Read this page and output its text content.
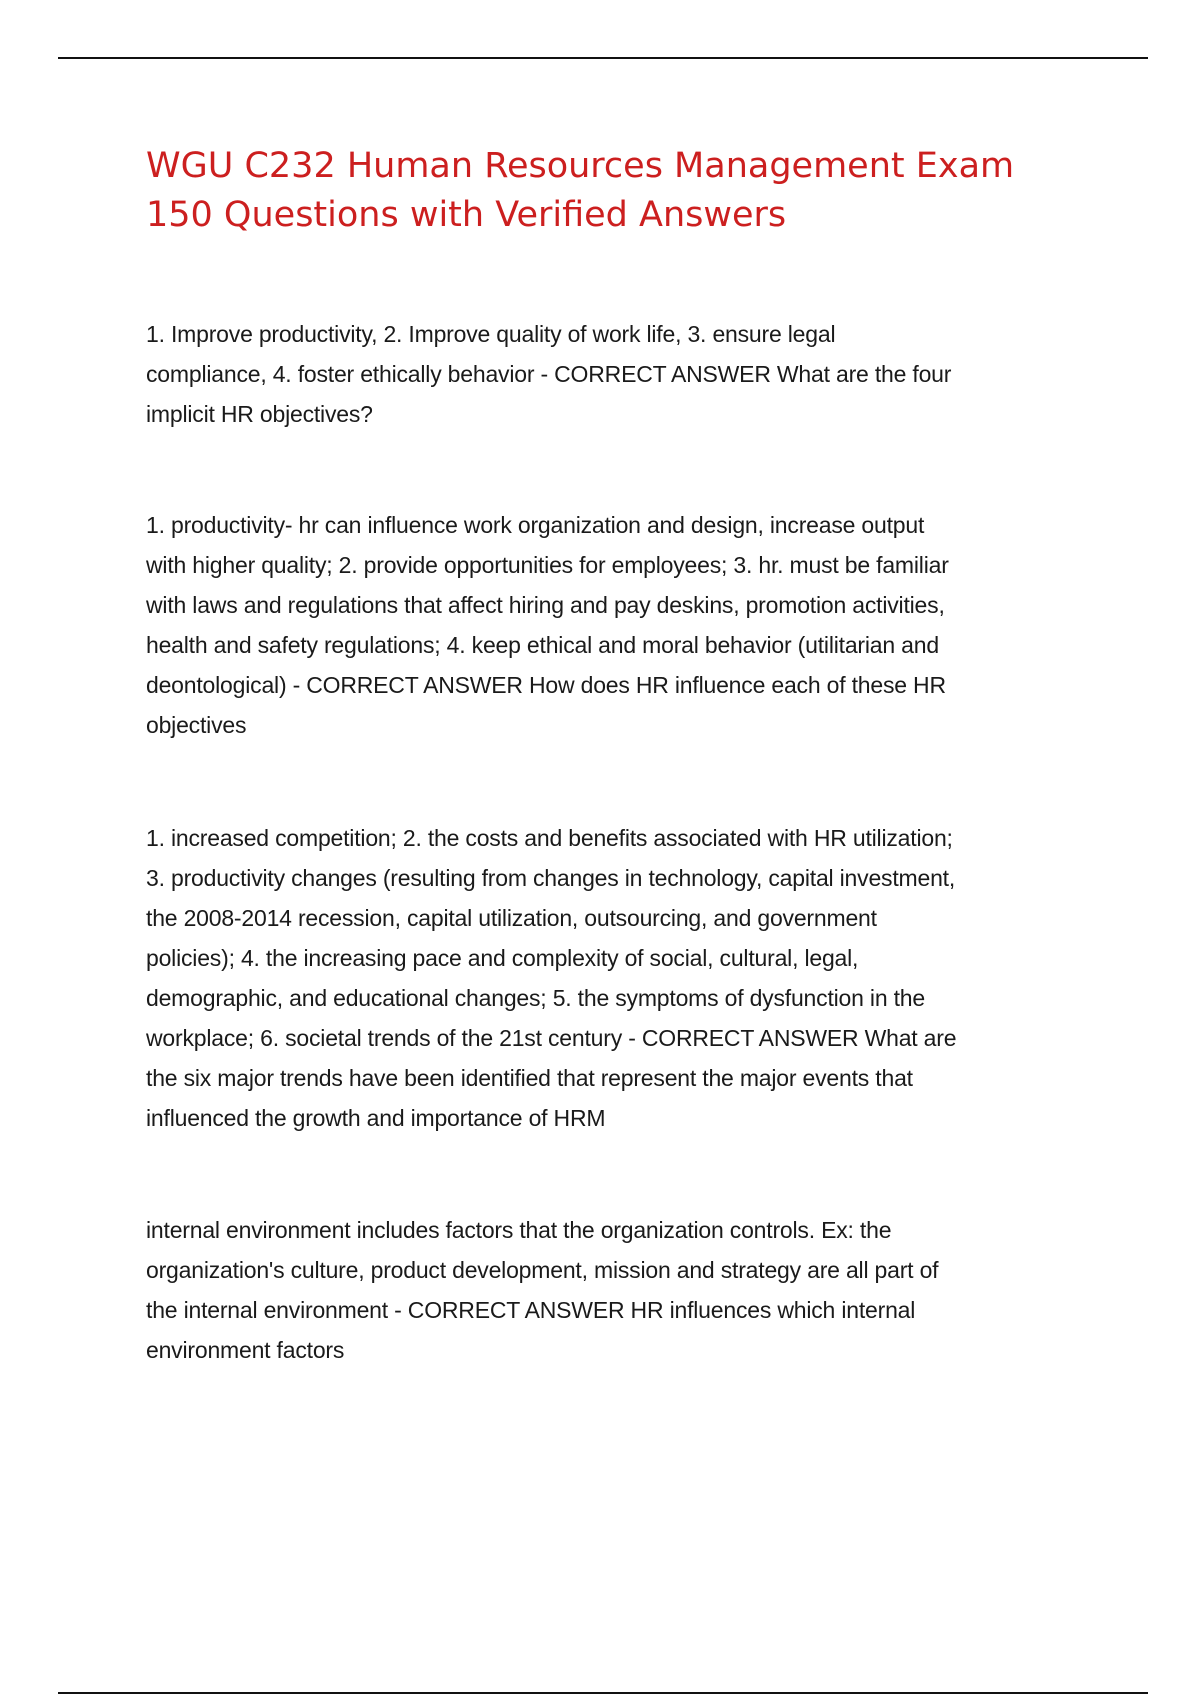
WGU C232 Human Resources Management Exam
150 Questions with Verified Answers
1. Improve productivity, 2. Improve quality of work life, 3. ensure legal
compliance, 4. foster ethically behavior - CORRECT ANSWER What are the four
implicit HR objectives?
1. productivity- hr can influence work organization and design, increase output
with higher quality; 2. provide opportunities for employees; 3. hr. must be familiar
with laws and regulations that affect hiring and pay deskins, promotion activities,
health and safety regulations; 4. keep ethical and moral behavior (utilitarian and
deontological) - CORRECT ANSWER How does HR influence each of these HR
objectives
1. increased competition; 2. the costs and benefits associated with HR utilization;
3. productivity changes (resulting from changes in technology, capital investment,
the 2008-2014 recession, capital utilization, outsourcing, and government
policies); 4. the increasing pace and complexity of social, cultural, legal,
demographic, and educational changes; 5. the symptoms of dysfunction in the
workplace; 6. societal trends of the 21st century - CORRECT ANSWER What are
the six major trends have been identified that represent the major events that
influenced the growth and importance of HRM
internal environment includes factors that the organization controls. Ex: the
organization's culture, product development, mission and strategy are all part of
the internal environment - CORRECT ANSWER HR influences which internal
environment factors
